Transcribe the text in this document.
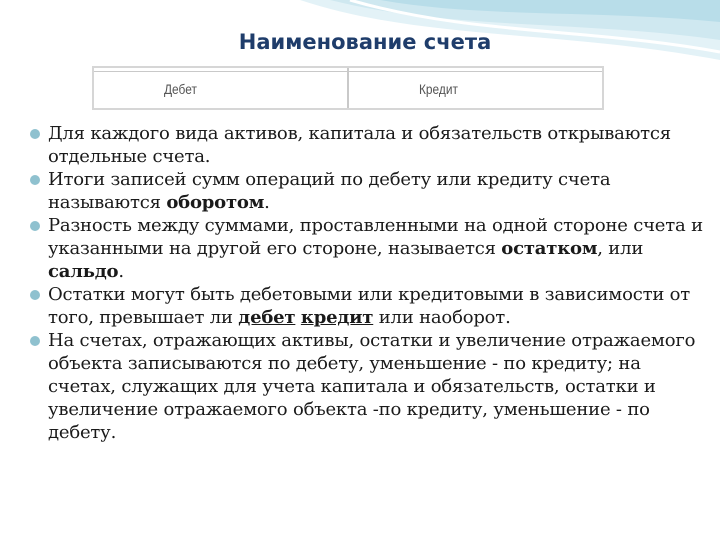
Наименование счета
Дебет	Кредит
Для каждого вида активов, капитала и обязательств открываются отдельные счета.
Итоги записей сумм операций по дебету или кредиту счета называются оборотом.
Разность между суммами, проставленными на одной стороне счета и указанными на другой его стороне, называется остатком, или сальдо.
Остатки могут быть дебетовыми или кредитовыми в зависимости от того, превышает ли дебет кредит или наоборот.
На счетах, отражающих активы, остатки и увеличение отражаемого объекта записываются по дебету, уменьшение - по кредиту; на счетах, служащих для учета капитала и обязательств, остатки и увеличение отражаемого объекта -по кредиту, уменьшение - по дебету.
